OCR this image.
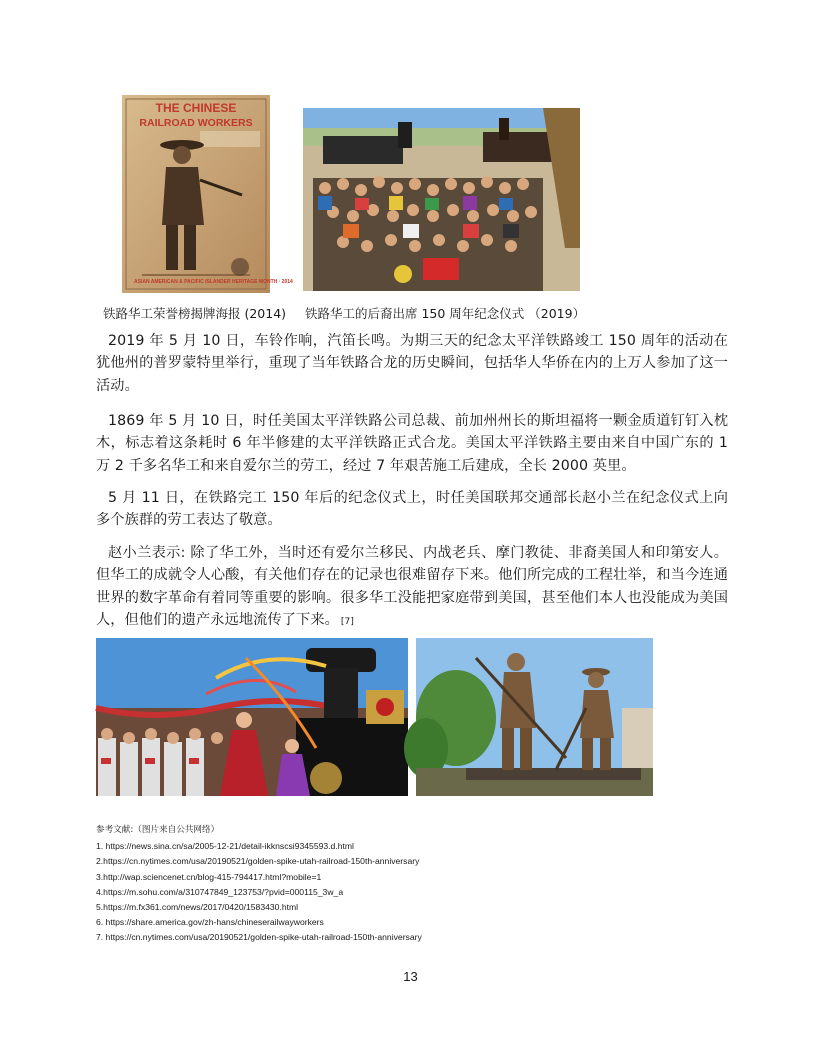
THE CHINESE
RAILROAD WORKERS
ASIAN AMERICAN & PACIFIC ISLANDER HERITAGE MONTH · 2014
铁路华工荣誉榜揭牌海报 (2014) 铁路华工的后裔出席 150 周年纪念仪式 （2019）

2019 年 5 月 10 日，车铃作响，汽笛长鸣。为期三天的纪念太平洋铁路竣工 150 周年的活动在犹他州的普罗蒙特里举行，重现了当年铁路合龙的历史瞬间，包括华人华侨在内的上万人参加了这一活动。

1869 年 5 月 10 日，时任美国太平洋铁路公司总裁、前加州州长的斯坦福将一颗金质道钉钉入枕木，标志着这条耗时 6 年半修建的太平洋铁路正式合龙。美国太平洋铁路主要由来自中国广东的 1 万 2 千多名华工和来自爱尔兰的劳工，经过 7 年艰苦施工后建成，全长 2000 英里。

5 月 11 日，在铁路完工 150 年后的纪念仪式上，时任美国联邦交通部长赵小兰在纪念仪式上向多个族群的劳工表达了敬意。

赵小兰表示: 除了华工外，当时还有爱尔兰移民、内战老兵、摩门教徒、非裔美国人和印第安人。但华工的成就令人心酸，有关他们存在的记录也很难留存下来。他们所完成的工程壮举，和当今连通世界的数字革命有着同等重要的影响。很多华工没能把家庭带到美国，甚至他们本人也没能成为美国人，但他们的遗产永远地流传了下来。 [7]

参考文献:（图片来自公共网络）
1. https://news.sina.cn/sa/2005-12-21/detail-ikknscsi9345593.d.html
2.https://cn.nytimes.com/usa/20190521/golden-spike-utah-railroad-150th-anniversary
3.http://wap.sciencenet.cn/blog-415-794417.html?mobile=1
4.https://m.sohu.com/a/310747849_123753/?pvid=000115_3w_a
5.https://m.fx361.com/news/2017/0420/1583430.html
6. https://share.america.gov/zh-hans/chineserailwayworkers
7. https://cn.nytimes.com/usa/20190521/golden-spike-utah-railroad-150th-anniversary
13
